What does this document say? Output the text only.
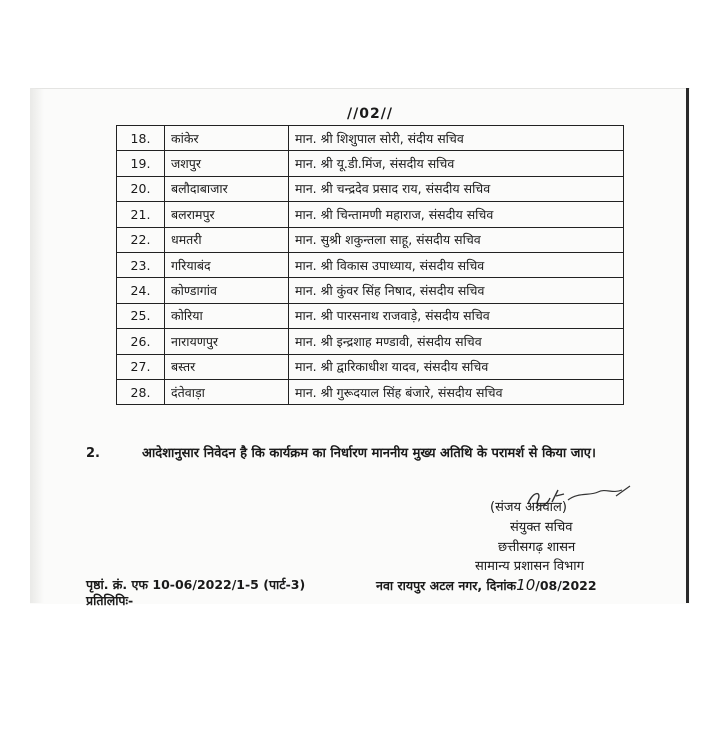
//02//
18.	कांकेर	मान. श्री शिशुपाल सोरी, संदीय सचिव
19.	जशपुर	मान. श्री यू.डी.मिंज, संसदीय सचिव
20.	बलौदाबाजार	मान. श्री चन्द्रदेव प्रसाद राय, संसदीय सचिव
21.	बलरामपुर	मान. श्री चिन्तामणी महाराज, संसदीय सचिव
22.	धमतरी	मान. सुश्री शकुन्तला साहू, संसदीय सचिव
23.	गरियाबंद	मान. श्री विकास उपाध्याय, संसदीय सचिव
24.	कोण्डागांव	मान. श्री कुंवर सिंह निषाद, संसदीय सचिव
25.	कोरिया	मान. श्री पारसनाथ राजवाड़े, संसदीय सचिव
26.	नारायणपुर	मान. श्री इन्द्रशाह मण्डावी, संसदीय सचिव
27.	बस्तर	मान. श्री द्वारिकाधीश यादव, संसदीय सचिव
28.	दंतेवाड़ा	मान. श्री गुरूदयाल सिंह बंजारे, संसदीय सचिव
2.	आदेशानुसार निवेदन है कि कार्यक्रम का निर्धारण माननीय मुख्य अतिथि के परामर्श से किया जाए।
(संजय अग्रवाल)
संयुक्त सचिव
छत्तीसगढ़ शासन
सामान्य प्रशासन विभाग
पृष्ठां. क्रं. एफ 10-06/2022/1-5 (पार्ट-3)	नवा रायपुर अटल नगर, दिनांक10/08/2022
प्रतिलिपिः-
